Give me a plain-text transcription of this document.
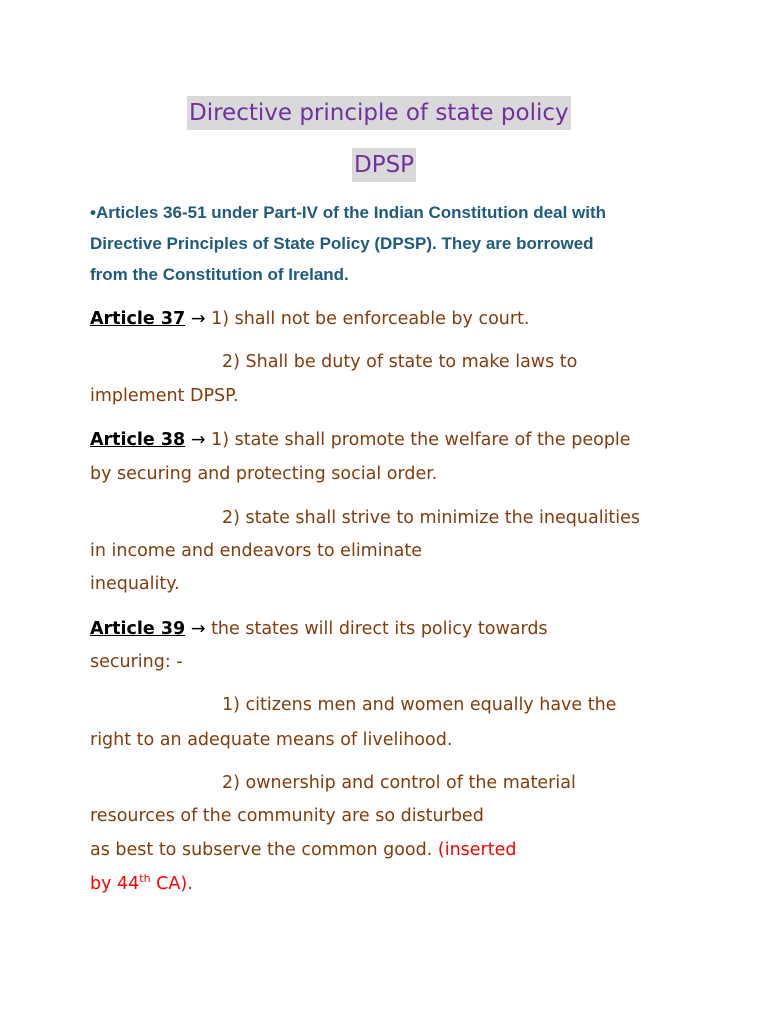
Directive principle of state policy
DPSP
•Articles 36-51 under Part-IV of the Indian Constitution deal with
Directive Principles of State Policy (DPSP). They are borrowed
from the Constitution of Ireland.
Article 37 → 1) shall not be enforceable by court.
2) Shall be duty of state to make laws to
implement DPSP.
Article 38 → 1) state shall promote the welfare of the people
by securing and protecting social order.
2) state shall strive to minimize the inequalities
in income and endeavors to eliminate
inequality.
Article 39 → the states will direct its policy towards
securing: -
1) citizens men and women equally have the
right to an adequate means of livelihood.
2) ownership and control of the material
resources of the community are so disturbed
as best to subserve the common good. (inserted
by 44th CA).
